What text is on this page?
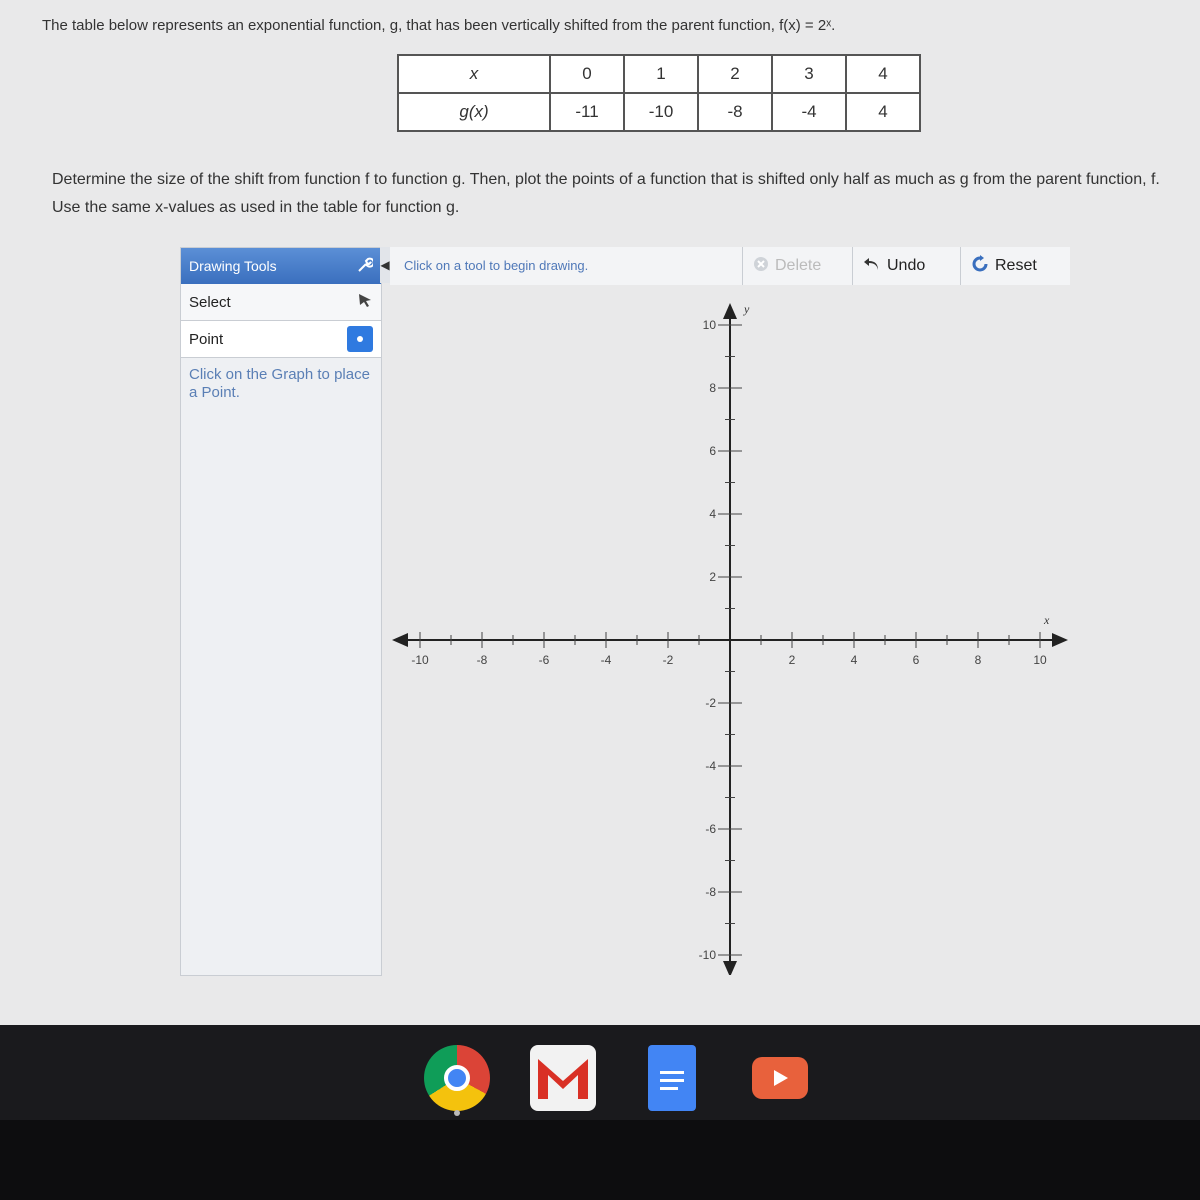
The table below represents an exponential function, g, that has been vertically shifted from the parent function, f(x) = 2ˣ.

x	0	1	2	3	4
g(x)	-11	-10	-8	-4	4

Determine the size of the shift from function f to function g. Then, plot the points of a function that is shifted only half as much as g from the parent function, f. Use the same x-values as used in the table for function g.

Drawing Tools
Select
Point
Click on the Graph to place a Point.
◀ Click on a tool to begin drawing.	Delete	Undo	Reset
-10	-8	-6	-4	-2	2	4	6	8	10
10
8
6
4
2
-2
-4
-6
-8
-10
x
y
